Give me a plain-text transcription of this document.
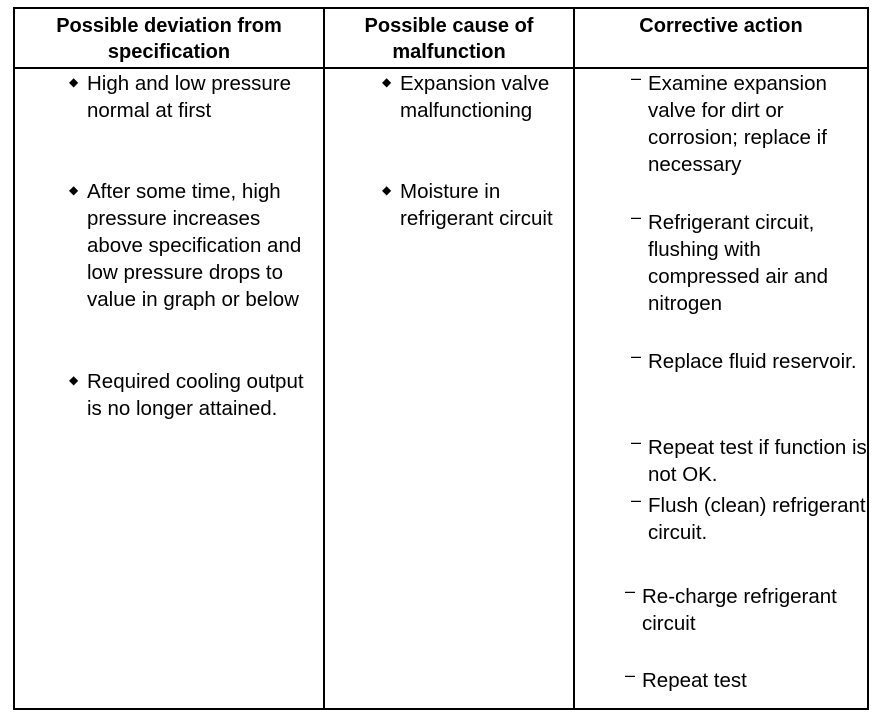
Possible deviation from specification
Possible cause of malfunction
Corrective action
◆ High and low pressure normal at first
◆ After some time, high pressure increases above specification and low pressure drops to value in graph or below
◆ Required cooling output is no longer attained.
◆ Expansion valve malfunctioning
◆ Moisture in refrigerant circuit
– Examine expansion valve for dirt or corrosion; replace if necessary
– Refrigerant circuit, flushing with compressed air and nitrogen
– Replace fluid reservoir.
– Repeat test if function is not OK.
– Flush (clean) refrigerant circuit.
– Re-charge refrigerant circuit
– Repeat test
